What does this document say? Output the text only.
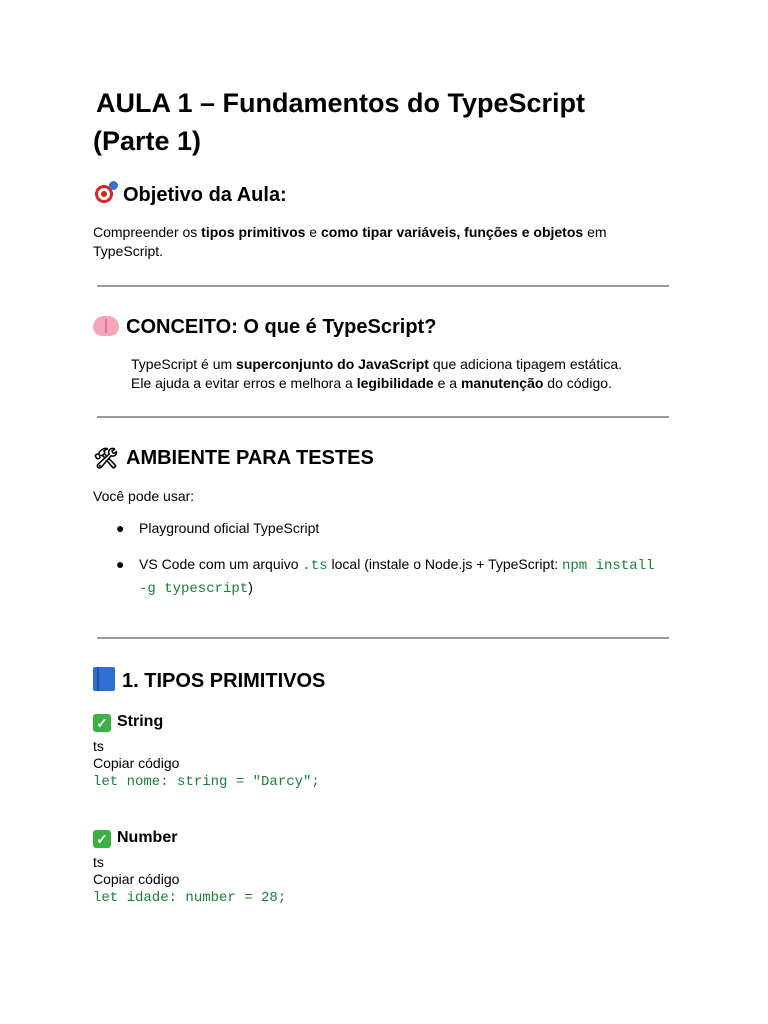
AULA 1 – Fundamentos do TypeScript
(Parte 1)
Objetivo da Aula:

Compreender os tipos primitivos e como tipar variáveis, funções e objetos em
TypeScript.

CONCEITO: O que é TypeScript?

TypeScript é um superconjunto do JavaScript que adiciona tipagem estática.
Ele ajuda a evitar erros e melhora a legibilidade e a manutenção do código.

🛠 AMBIENTE PARA TESTES

Você pode usar:

● Playground oficial TypeScript
● VS Code com um arquivo .ts local (instale o Node.js + TypeScript: npm install
-g typescript)
1. TIPOS PRIMITIVOS
✓ String

ts

Copiar código

let nome: string = "Darcy";
✓ Number

ts

Copiar código

let idade: number = 28;
